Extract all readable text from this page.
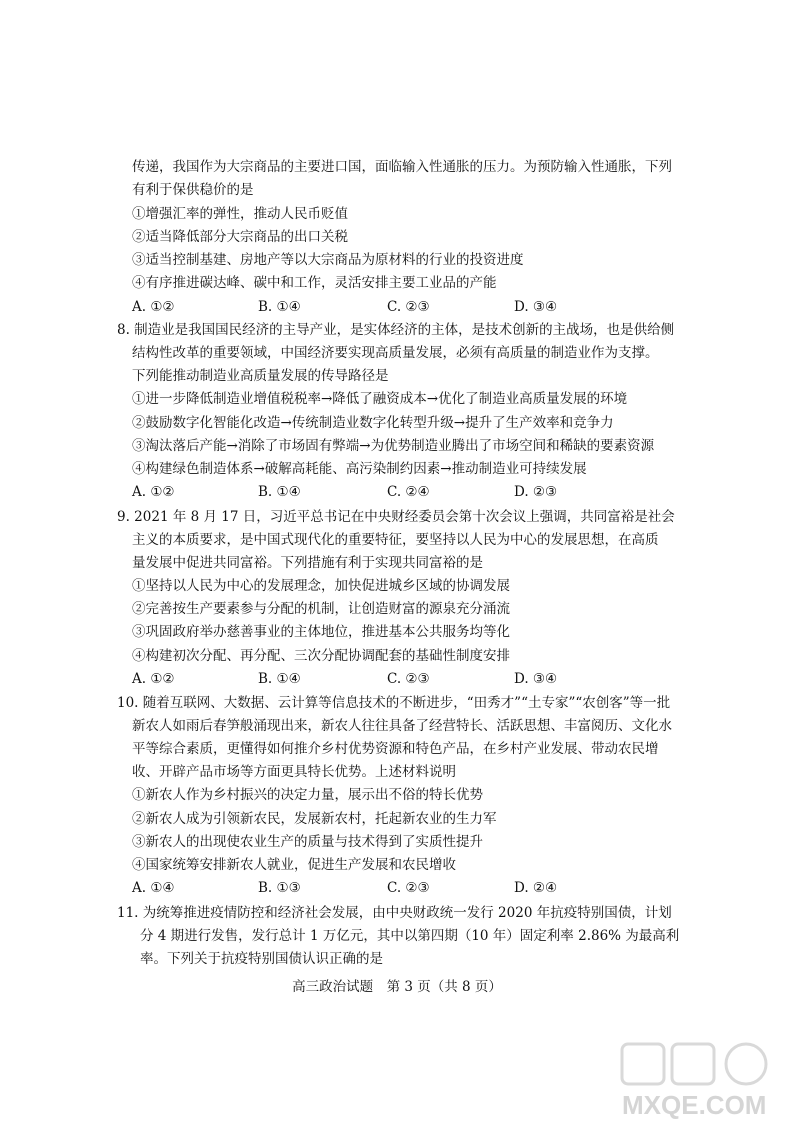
传递，我国作为大宗商品的主要进口国，面临输入性通胀的压力。为预防输入性通胀，下列
有利于保供稳价的是
①增强汇率的弹性，推动人民币贬值
②适当降低部分大宗商品的出口关税
③适当控制基建、房地产等以大宗商品为原材料的行业的投资进度
④有序推进碳达峰、碳中和工作，灵活安排主要工业品的产能
A. ①②	B. ①④	C. ②③	D. ③④
8. 制造业是我国国民经济的主导产业，是实体经济的主体，是技术创新的主战场，也是供给侧
结构性改革的重要领域，中国经济要实现高质量发展，必须有高质量的制造业作为支撑。
下列能推动制造业高质量发展的传导路径是
①进一步降低制造业增值税税率→降低了融资成本→优化了制造业高质量发展的环境
②鼓励数字化智能化改造→传统制造业数字化转型升级→提升了生产效率和竞争力
③淘汰落后产能→消除了市场固有弊端→为优势制造业腾出了市场空间和稀缺的要素资源
④构建绿色制造体系→破解高耗能、高污染制约因素→推动制造业可持续发展
A. ①②	B. ①④	C. ②④	D. ②③
9. 2021 年 8 月 17 日，习近平总书记在中央财经委员会第十次会议上强调，共同富裕是社会
主义的本质要求，是中国式现代化的重要特征，要坚持以人民为中心的发展思想，在高质
量发展中促进共同富裕。下列措施有利于实现共同富裕的是
①坚持以人民为中心的发展理念，加快促进城乡区域的协调发展
②完善按生产要素参与分配的机制，让创造财富的源泉充分涌流
③巩固政府举办慈善事业的主体地位，推进基本公共服务均等化
④构建初次分配、再分配、三次分配协调配套的基础性制度安排
A. ①②	B. ①④	C. ②③	D. ③④
10. 随着互联网、大数据、云计算等信息技术的不断进步，“田秀才”“土专家”“农创客”等一批
新农人如雨后春笋般涌现出来，新农人往往具备了经营特长、活跃思想、丰富阅历、文化水
平等综合素质，更懂得如何推介乡村优势资源和特色产品，在乡村产业发展、带动农民增
收、开辟产品市场等方面更具特长优势。上述材料说明
①新农人作为乡村振兴的决定力量，展示出不俗的特长优势
②新农人成为引领新农民，发展新农村，托起新农业的生力军
③新农人的出现使农业生产的质量与技术得到了实质性提升
④国家统筹安排新农人就业，促进生产发展和农民增收
A. ①④	B. ①③	C. ②③	D. ②④
11. 为统筹推进疫情防控和经济社会发展，由中央财政统一发行 2020 年抗疫特别国债，计划
分 4 期进行发售，发行总计 1 万亿元，其中以第四期（10 年）固定利率 2.86% 为最高利
率。下列关于抗疫特别国债认识正确的是
高三政治试题　第 3 页（共 8 页）
MXQE.COM
